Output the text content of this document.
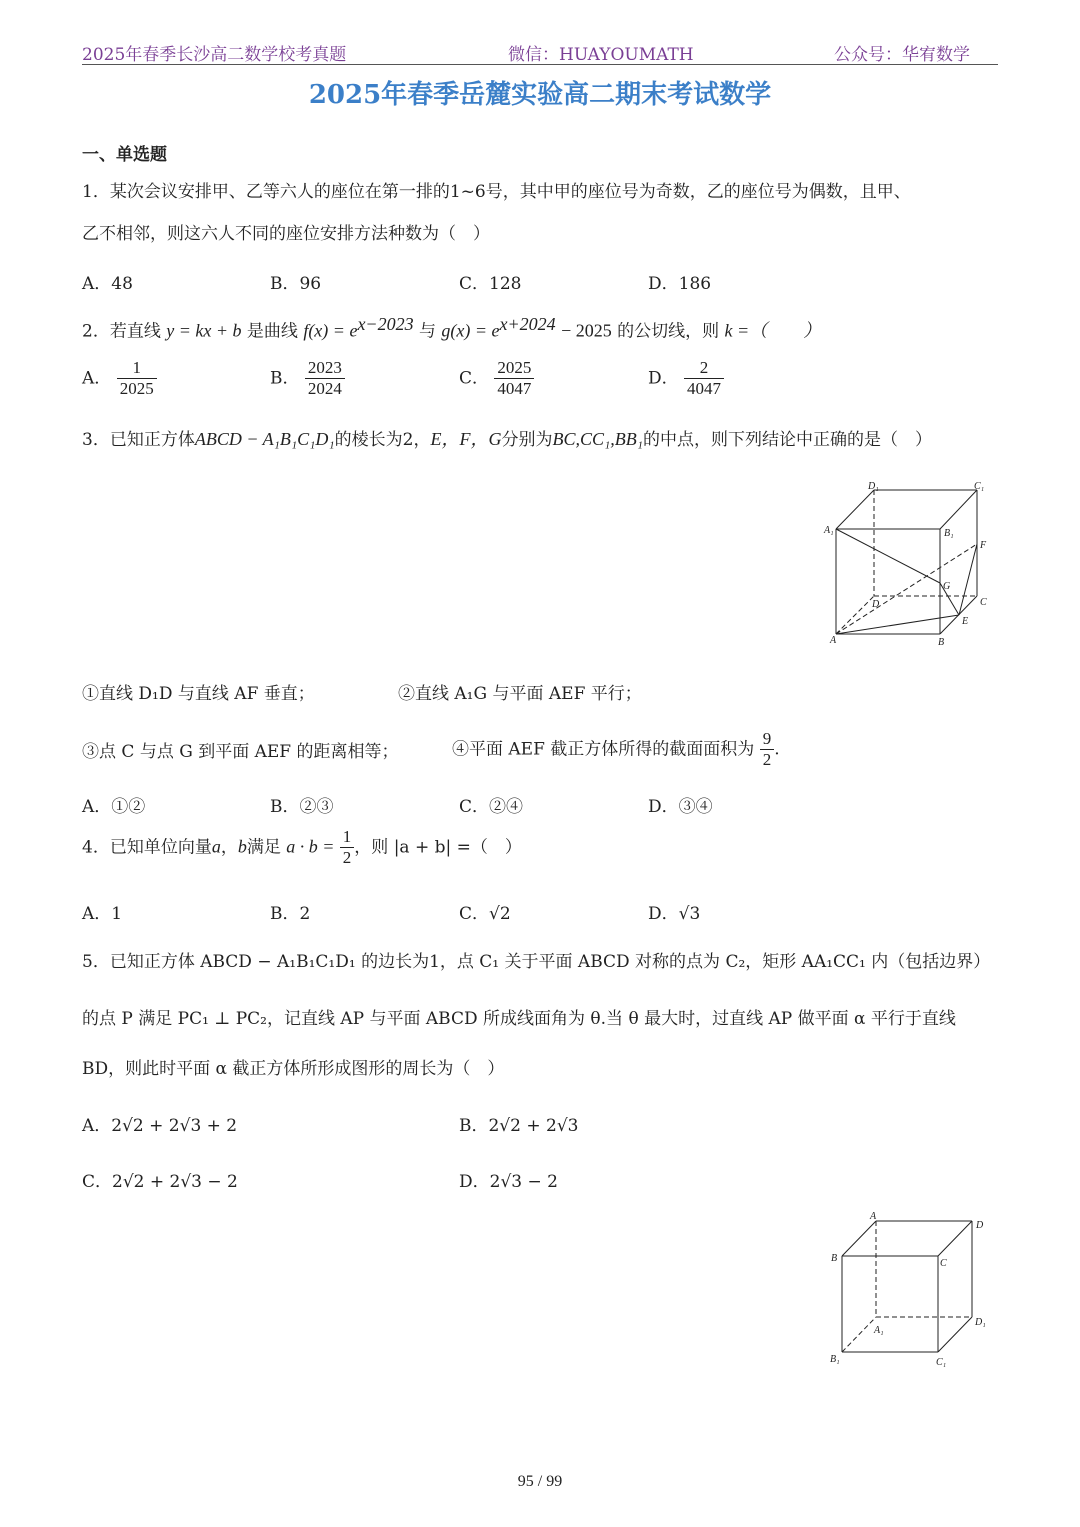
2025年春季长沙高二数学校考真题	微信：HUAYOUMATH	公众号：华宥数学
2025年春季岳麓实验高二期末考试数学
一、单选题
1．某次会议安排甲、乙等六人的座位在第一排的1~6号，其中甲的座位号为奇数，乙的座位号为偶数，且甲、
乙不相邻，则这六人不同的座位安排方法种数为（　）
A．48	B．96	C．128	D．186
2．若直线 y = kx + b 是曲线 $f(x) = e^{x-2023}$ 与 $g(x) = e^{x+2024} - 2025$ 的公切线，则 k =（　　）
A． $\frac{1}{2025}$	B． $\frac{2023}{2024}$	C． $\frac{2025}{4047}$	D． $\frac{2}{4047}$
3．已知正方体ABCD − A₁B₁C₁D₁的棱长为2，E，F，G分别为BC,CC₁,BB₁的中点，则下列结论中正确的是（　）
D₁	C₁
A₁	B₁
F
G
D	C
E
A	B
①直线 D₁D 与直线 AF 垂直；	②直线 A₁G 与平面 AEF 平行；
③点 C 与点 G 到平面 AEF 的距离相等；	④平面 AEF 截正方体所得的截面面积为 $\frac{9}{2}$ .
A．①②	B．②③	C．②④	D．③④
4．已知单位向量a，b满足 $a \cdot b = \frac{1}{2}$ ，则 |a + b| =（　）
A．1	B．2	C．√2	D．√3
5．已知正方体 ABCD − A₁B₁C₁D₁ 的边长为1，点 C₁ 关于平面 ABCD 对称的点为 C₂，矩形 AA₁CC₁ 内（包括边界）
的点 P 满足 PC₁ ⊥ PC₂，记直线 AP 与平面 ABCD 所成线面角为 θ.当 θ 最大时，过直线 AP 做平面 α 平行于直线
BD，则此时平面 α 截正方体所形成图形的周长为（　）
A．2√2 + 2√3 + 2	B．2√2 + 2√3
C．2√2 + 2√3 − 2	D．2√3 − 2
A
D
B	C
A₁
D₁
B₁	C₁
95 / 99
